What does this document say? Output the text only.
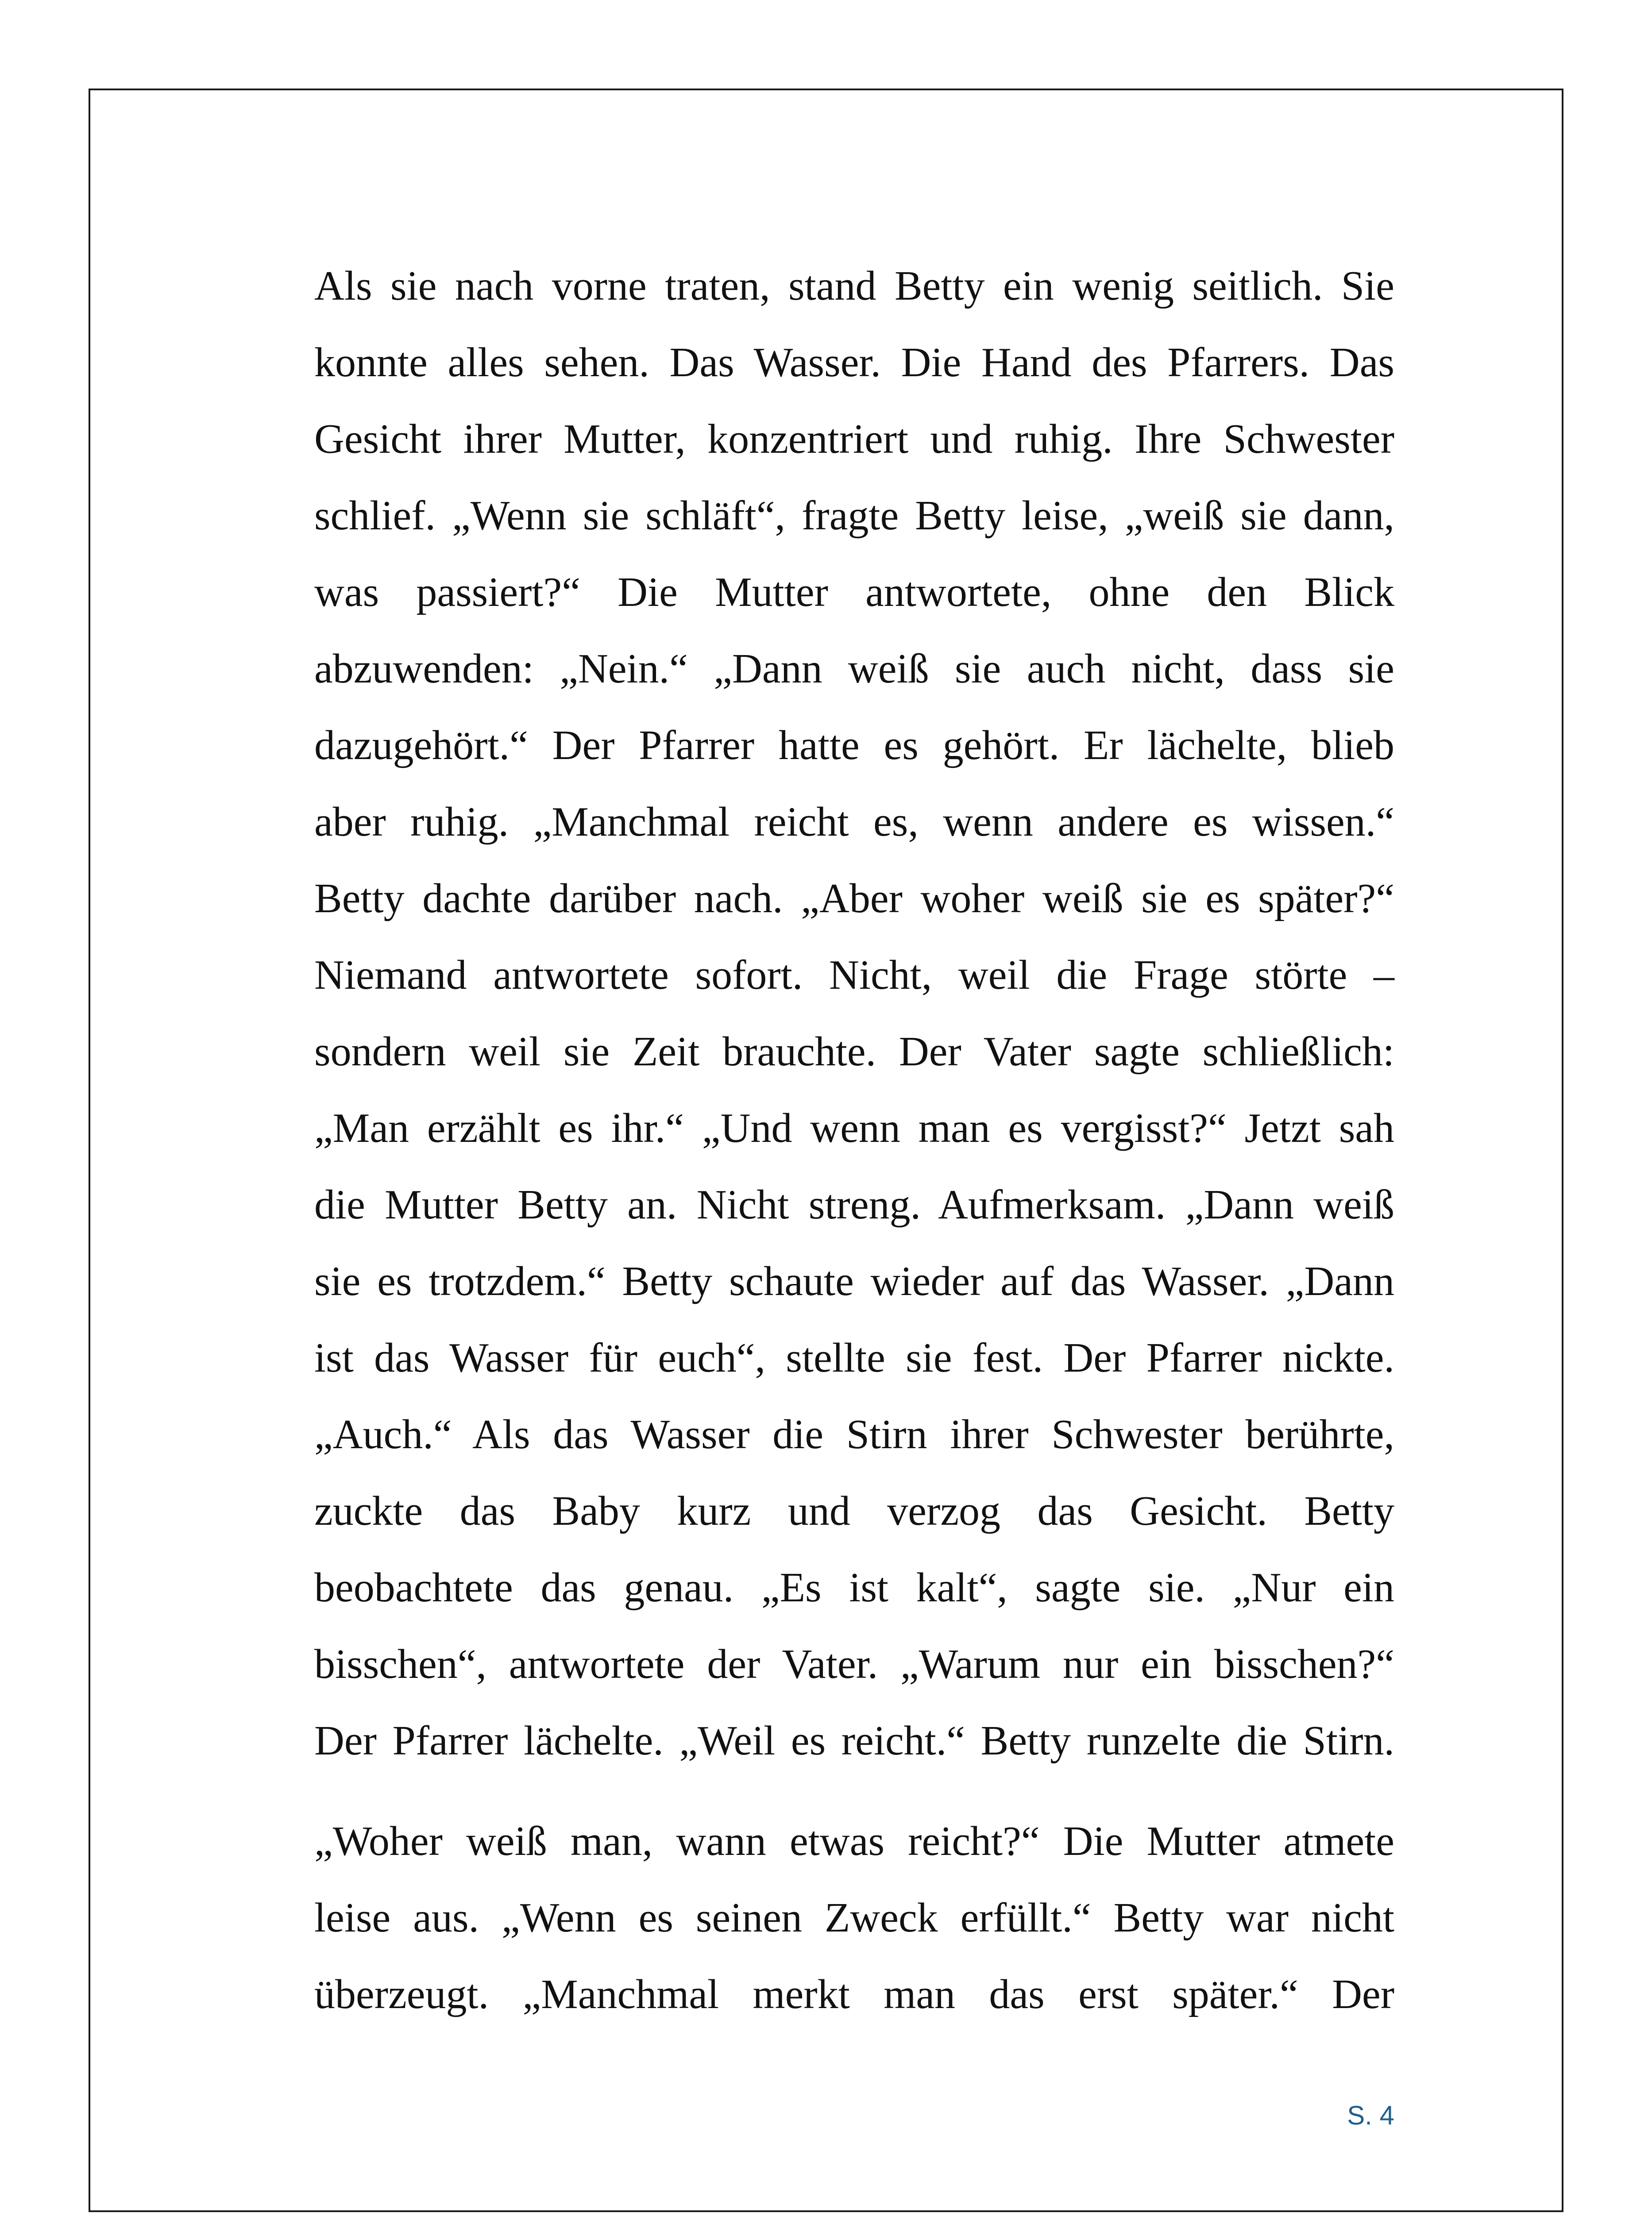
Als sie nach vorne traten, stand Betty ein wenig seitlich. Sie
konnte alles sehen. Das Wasser. Die Hand des Pfarrers. Das
Gesicht ihrer Mutter, konzentriert und ruhig. Ihre Schwester
schlief. „Wenn sie schläft“, fragte Betty leise, „weiß sie dann,
was passiert?“ Die Mutter antwortete, ohne den Blick
abzuwenden: „Nein.“ „Dann weiß sie auch nicht, dass sie
dazugehört.“ Der Pfarrer hatte es gehört. Er lächelte, blieb
aber ruhig. „Manchmal reicht es, wenn andere es wissen.“
Betty dachte darüber nach. „Aber woher weiß sie es später?“
Niemand antwortete sofort. Nicht, weil die Frage störte –
sondern weil sie Zeit brauchte. Der Vater sagte schließlich:
„Man erzählt es ihr.“ „Und wenn man es vergisst?“ Jetzt sah
die Mutter Betty an. Nicht streng. Aufmerksam. „Dann weiß
sie es trotzdem.“ Betty schaute wieder auf das Wasser. „Dann
ist das Wasser für euch“, stellte sie fest. Der Pfarrer nickte.
„Auch.“ Als das Wasser die Stirn ihrer Schwester berührte,
zuckte das Baby kurz und verzog das Gesicht. Betty
beobachtete das genau. „Es ist kalt“, sagte sie. „Nur ein
bisschen“, antwortete der Vater. „Warum nur ein bisschen?“
Der Pfarrer lächelte. „Weil es reicht.“ Betty runzelte die Stirn.
„Woher weiß man, wann etwas reicht?“ Die Mutter atmete
leise aus. „Wenn es seinen Zweck erfüllt.“ Betty war nicht
überzeugt. „Manchmal merkt man das erst später.“ Der
S. 4
